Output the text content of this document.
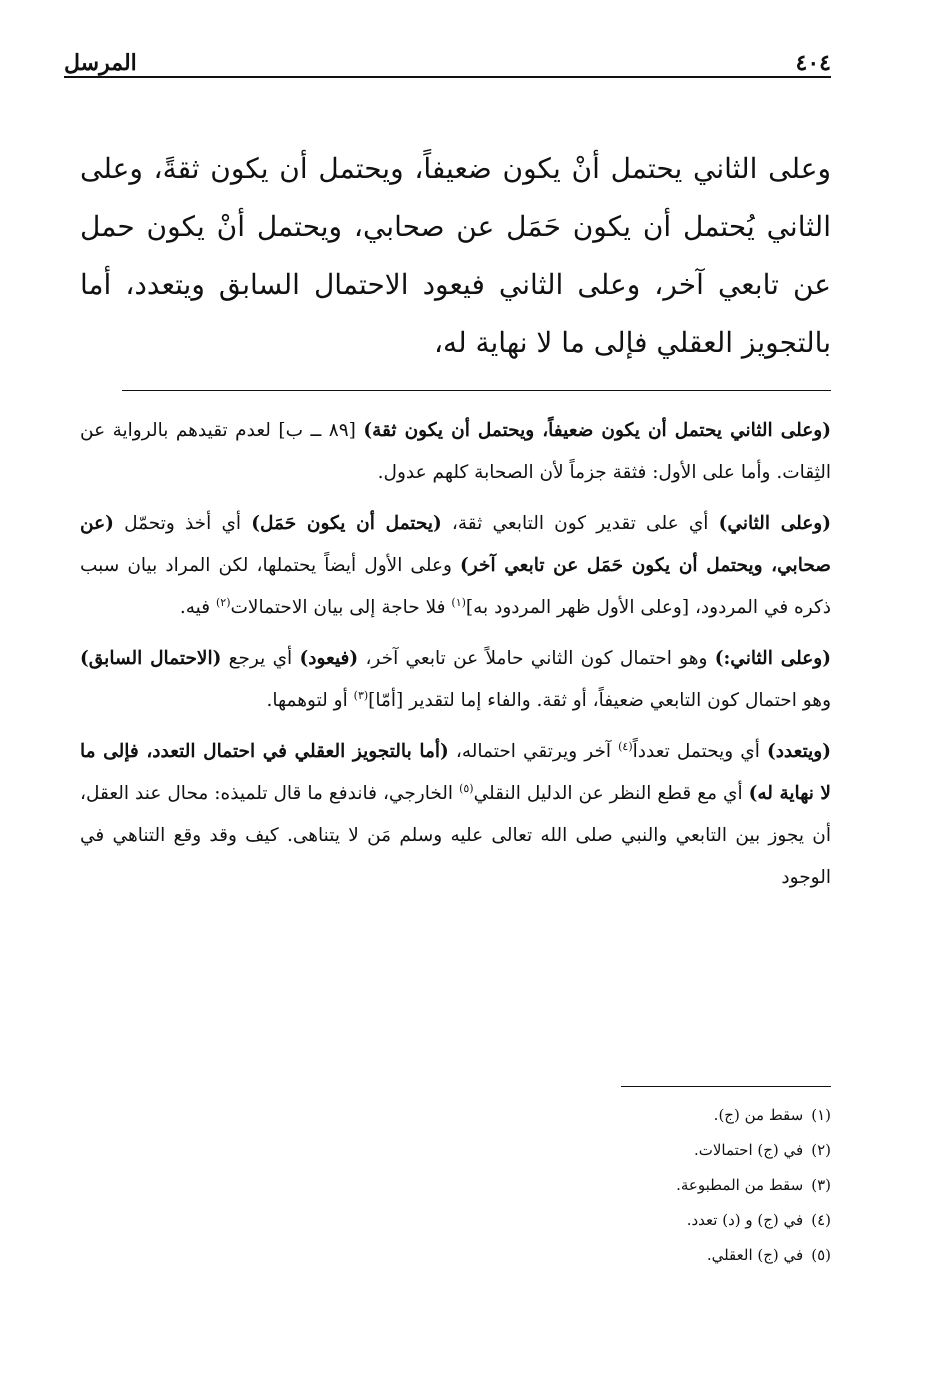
المرسل	٤٠٤

وعلى الثاني يحتمل أنْ يكون ضعيفاً، ويحتمل أن يكون ثقةً، وعلى الثاني يُحتمل أن يكون حَمَل عن صحابي، ويحتمل أنْ يكون حمل عن تابعي آخر، وعلى الثاني فيعود الاحتمال السابق ويتعدد، أما بالتجويز العقلي فإلى ما لا نهاية له،

(وعلى الثاني يحتمل أن يكون ضعيفاً، ويحتمل أن يكون ثقة) [٨٩ ــ ب] لعدم تقيدهم بالرواية عن الثِقات. وأما على الأول: فثقة جزماً لأن الصحابة كلهم عدول.

(وعلى الثاني) أي على تقدير كون التابعي ثقة، (يحتمل أن يكون حَمَل) أي أخذ وتحمّل (عن صحابي، ويحتمل أن يكون حَمَل عن تابعي آخر) وعلى الأول أيضاً يحتملها، لكن المراد بيان سبب ذكره في المردود، [وعلى الأول ظهر المردود به]$^{(١)}$ فلا حاجة إلى بيان الاحتمالات$^{(٢)}$ فيه.

(وعلى الثاني:) وهو احتمال كون الثاني حاملاً عن تابعي آخر، (فيعود) أي يرجع (الاحتمال السابق) وهو احتمال كون التابعي ضعيفاً، أو ثقة. والفاء إما لتقدير [أمّا]$^{(٣)}$ أو لتوهمها.

(ويتعدد) أي ويحتمل تعدداً$^{(٤)}$ آخر ويرتقي احتماله، (أما بالتجويز العقلي في احتمال التعدد، فإلى ما لا نهاية له) أي مع قطع النظر عن الدليل النقلي$^{(٥)}$ الخارجي، فاندفع ما قال تلميذه: محال عند العقل، أن يجوز بين التابعي والنبي صلى الله تعالى عليه وسلم مَن لا يتناهى. كيف وقد وقع التناهي في الوجود

(١)سقط من (ج).
(٢)في (ج) احتمالات.
(٣)سقط من المطبوعة.
(٤)في (ج) و (د) تعدد.
(٥)في (ج) العقلي.
